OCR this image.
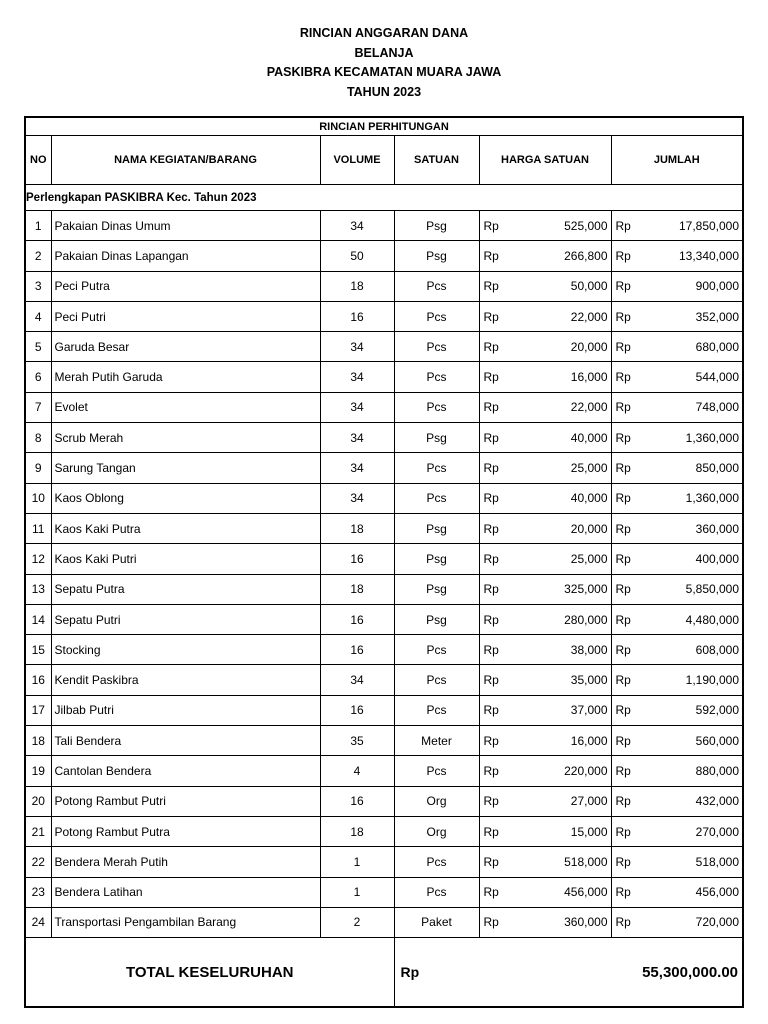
RINCIAN ANGGARAN DANA
BELANJA
PASKIBRA KECAMATAN MUARA JAWA
TAHUN 2023
RINCIAN PERHITUNGAN					
NO	NAMA KEGIATAN/BARANG	VOLUME	SATUAN	HARGA SATUAN	JUMLAH
Perlengkapan PASKIBRA Kec. Tahun 2023					
1	Pakaian Dinas Umum	34	Psg	Rp 525,000	Rp 17,850,000

2	Pakaian Dinas Lapangan	50	Psg	Rp 266,800	Rp 13,340,000

3	Peci Putra	18	Pcs	Rp 50,000	Rp 900,000

4	Peci Putri	16	Pcs	Rp 22,000	Rp 352,000

5	Garuda Besar	34	Pcs	Rp 20,000	Rp 680,000

6	Merah Putih Garuda	34	Pcs	Rp 16,000	Rp 544,000

7	Evolet	34	Pcs	Rp 22,000	Rp 748,000

8	Scrub Merah	34	Psg	Rp 40,000	Rp 1,360,000

9	Sarung Tangan	34	Pcs	Rp 25,000	Rp 850,000

10	Kaos Oblong	34	Pcs	Rp 40,000	Rp 1,360,000

11	Kaos Kaki Putra	18	Psg	Rp 20,000	Rp 360,000

12	Kaos Kaki Putri	16	Psg	Rp 25,000	Rp 400,000

13	Sepatu Putra	18	Psg	Rp 325,000	Rp 5,850,000

14	Sepatu Putri	16	Psg	Rp 280,000	Rp 4,480,000

15	Stocking	16	Pcs	Rp 38,000	Rp 608,000

16	Kendit Paskibra	34	Pcs	Rp 35,000	Rp 1,190,000

17	Jilbab Putri	16	Pcs	Rp 37,000	Rp 592,000

18	Tali Bendera	35	Meter	Rp 16,000	Rp 560,000

19	Cantolan Bendera	4	Pcs	Rp 220,000	Rp 880,000

20	Potong Rambut Putri	16	Org	Rp 27,000	Rp 432,000

21	Potong Rambut Putra	18	Org	Rp 15,000	Rp 270,000

22	Bendera Merah Putih	1	Pcs	Rp 518,000	Rp 518,000

23	Bendera Latihan	1	Pcs	Rp 456,000	Rp 456,000

24	Transportasi Pengambilan Barang	2	Paket	Rp 360,000	Rp 720,000

TOTAL KESELURUHAN			Rp	55,300,000.00	
